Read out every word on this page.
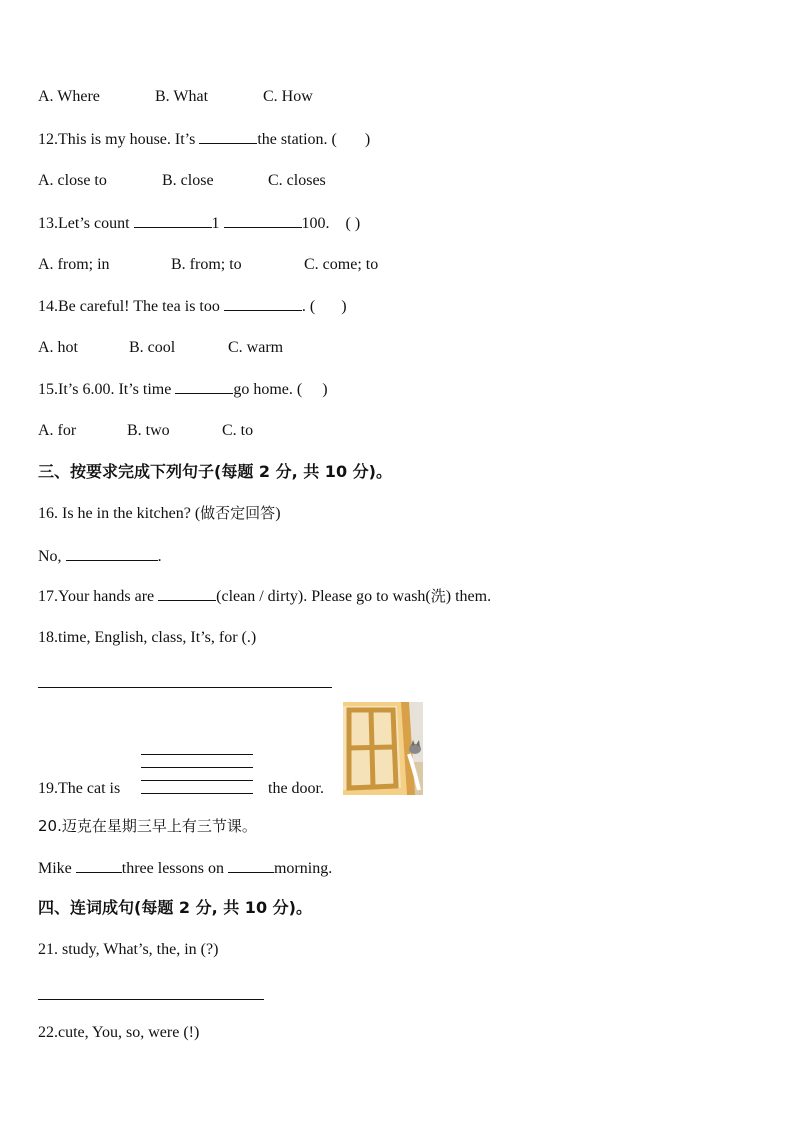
A. Where	B. What	C. How
12.This is my house. It’s	the station. ( )
A. close to	B. close	C. closes
13.Let’s count	1	100. ( )
A. from; in	B. from; to	C. come; to
14.Be careful! The tea is too	. ( )
A. hot	B. cool	C. warm
15.It’s 6.00. It’s time	go home. ( )
A. for	B. two	C. to
三、按要求完成下列句子(每题 2 分, 共 10 分)。
16. Is he in the kitchen? (做否定回答)
No,	.
17.Your hands are	(clean / dirty). Please go to wash(洗) them.
18.time, English, class, It’s, for (.)
19.The cat is	the door.
20.迈克在星期三早上有三节课。
Mike	three lessons on	morning.
四、连词成句(每题 2 分, 共 10 分)。
21. study, What’s, the, in (?)
22.cute, You, so, were (!)
